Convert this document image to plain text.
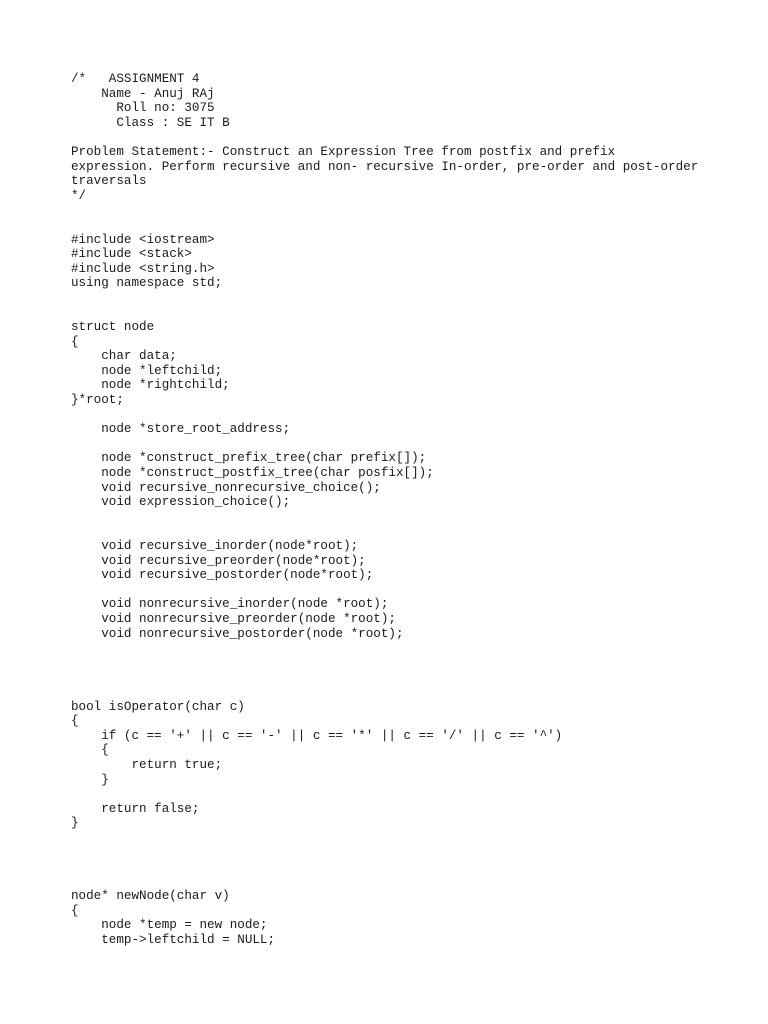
/*   ASSIGNMENT 4
Name - Anuj RAj
Roll no: 3075
Class : SE IT B
Problem Statement:- Construct an Expression Tree from postfix and prefix
expression. Perform recursive and non- recursive In-order, pre-order and post-order
traversals
*/
#include <iostream>
#include <stack>
#include <string.h>
using namespace std;
struct node
{
char data;
node *leftchild;
node *rightchild;
}*root;
node *store_root_address;
node *construct_prefix_tree(char prefix[]);
node *construct_postfix_tree(char posfix[]);
void recursive_nonrecursive_choice();
void expression_choice();
void recursive_inorder(node*root);
void recursive_preorder(node*root);
void recursive_postorder(node*root);
void nonrecursive_inorder(node *root);
void nonrecursive_preorder(node *root);
void nonrecursive_postorder(node *root);
bool isOperator(char c)
{
if (c == '+' || c == '-' || c == '*' || c == '/' || c == '^')
{
return true;
}
return false;
}
node* newNode(char v)
{
node *temp = new node;
temp->leftchild = NULL;
